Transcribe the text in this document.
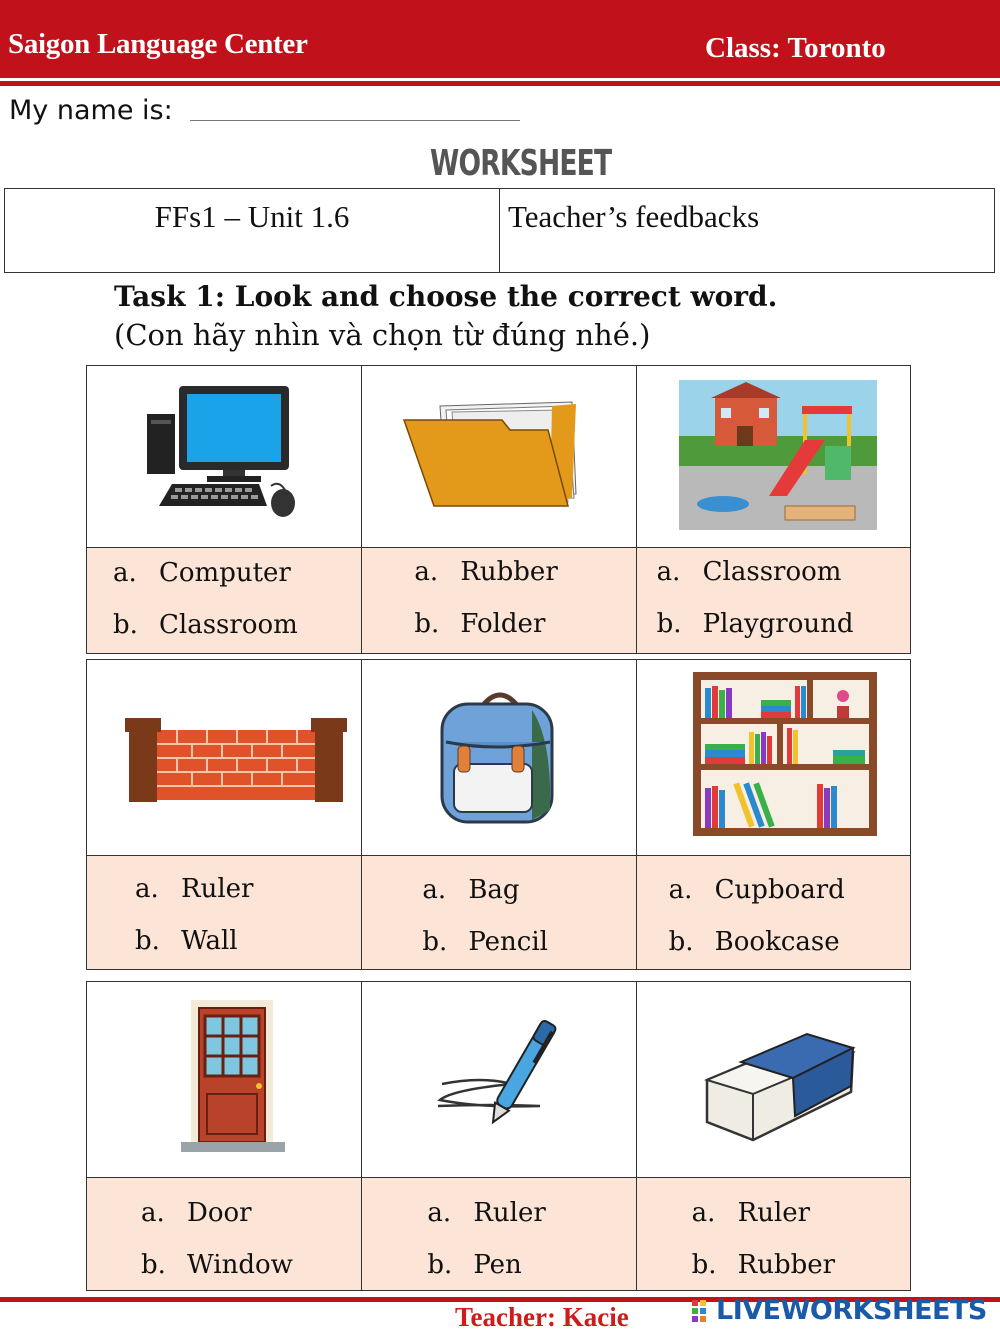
Saigon Language Center	Class: Toronto
My name is:
WORKSHEET
FFs1 – Unit 1.6	Teacher’s feedbacks
Task 1: Look and choose the correct word.
(Con hãy nhìn và chọn từ đúng nhé.)
a. Computer
b. Classroom
a. Rubber
b. Folder
a. Classroom
b. Playground
a. Ruler
b. Wall
a. Bag
b. Pencil
a. Cupboard
b. Bookcase
a. Door
b. Window
a. Ruler
b. Pen
a. Ruler
b. Rubber
Teacher: Kacie	LIVEWORKSHEETS
